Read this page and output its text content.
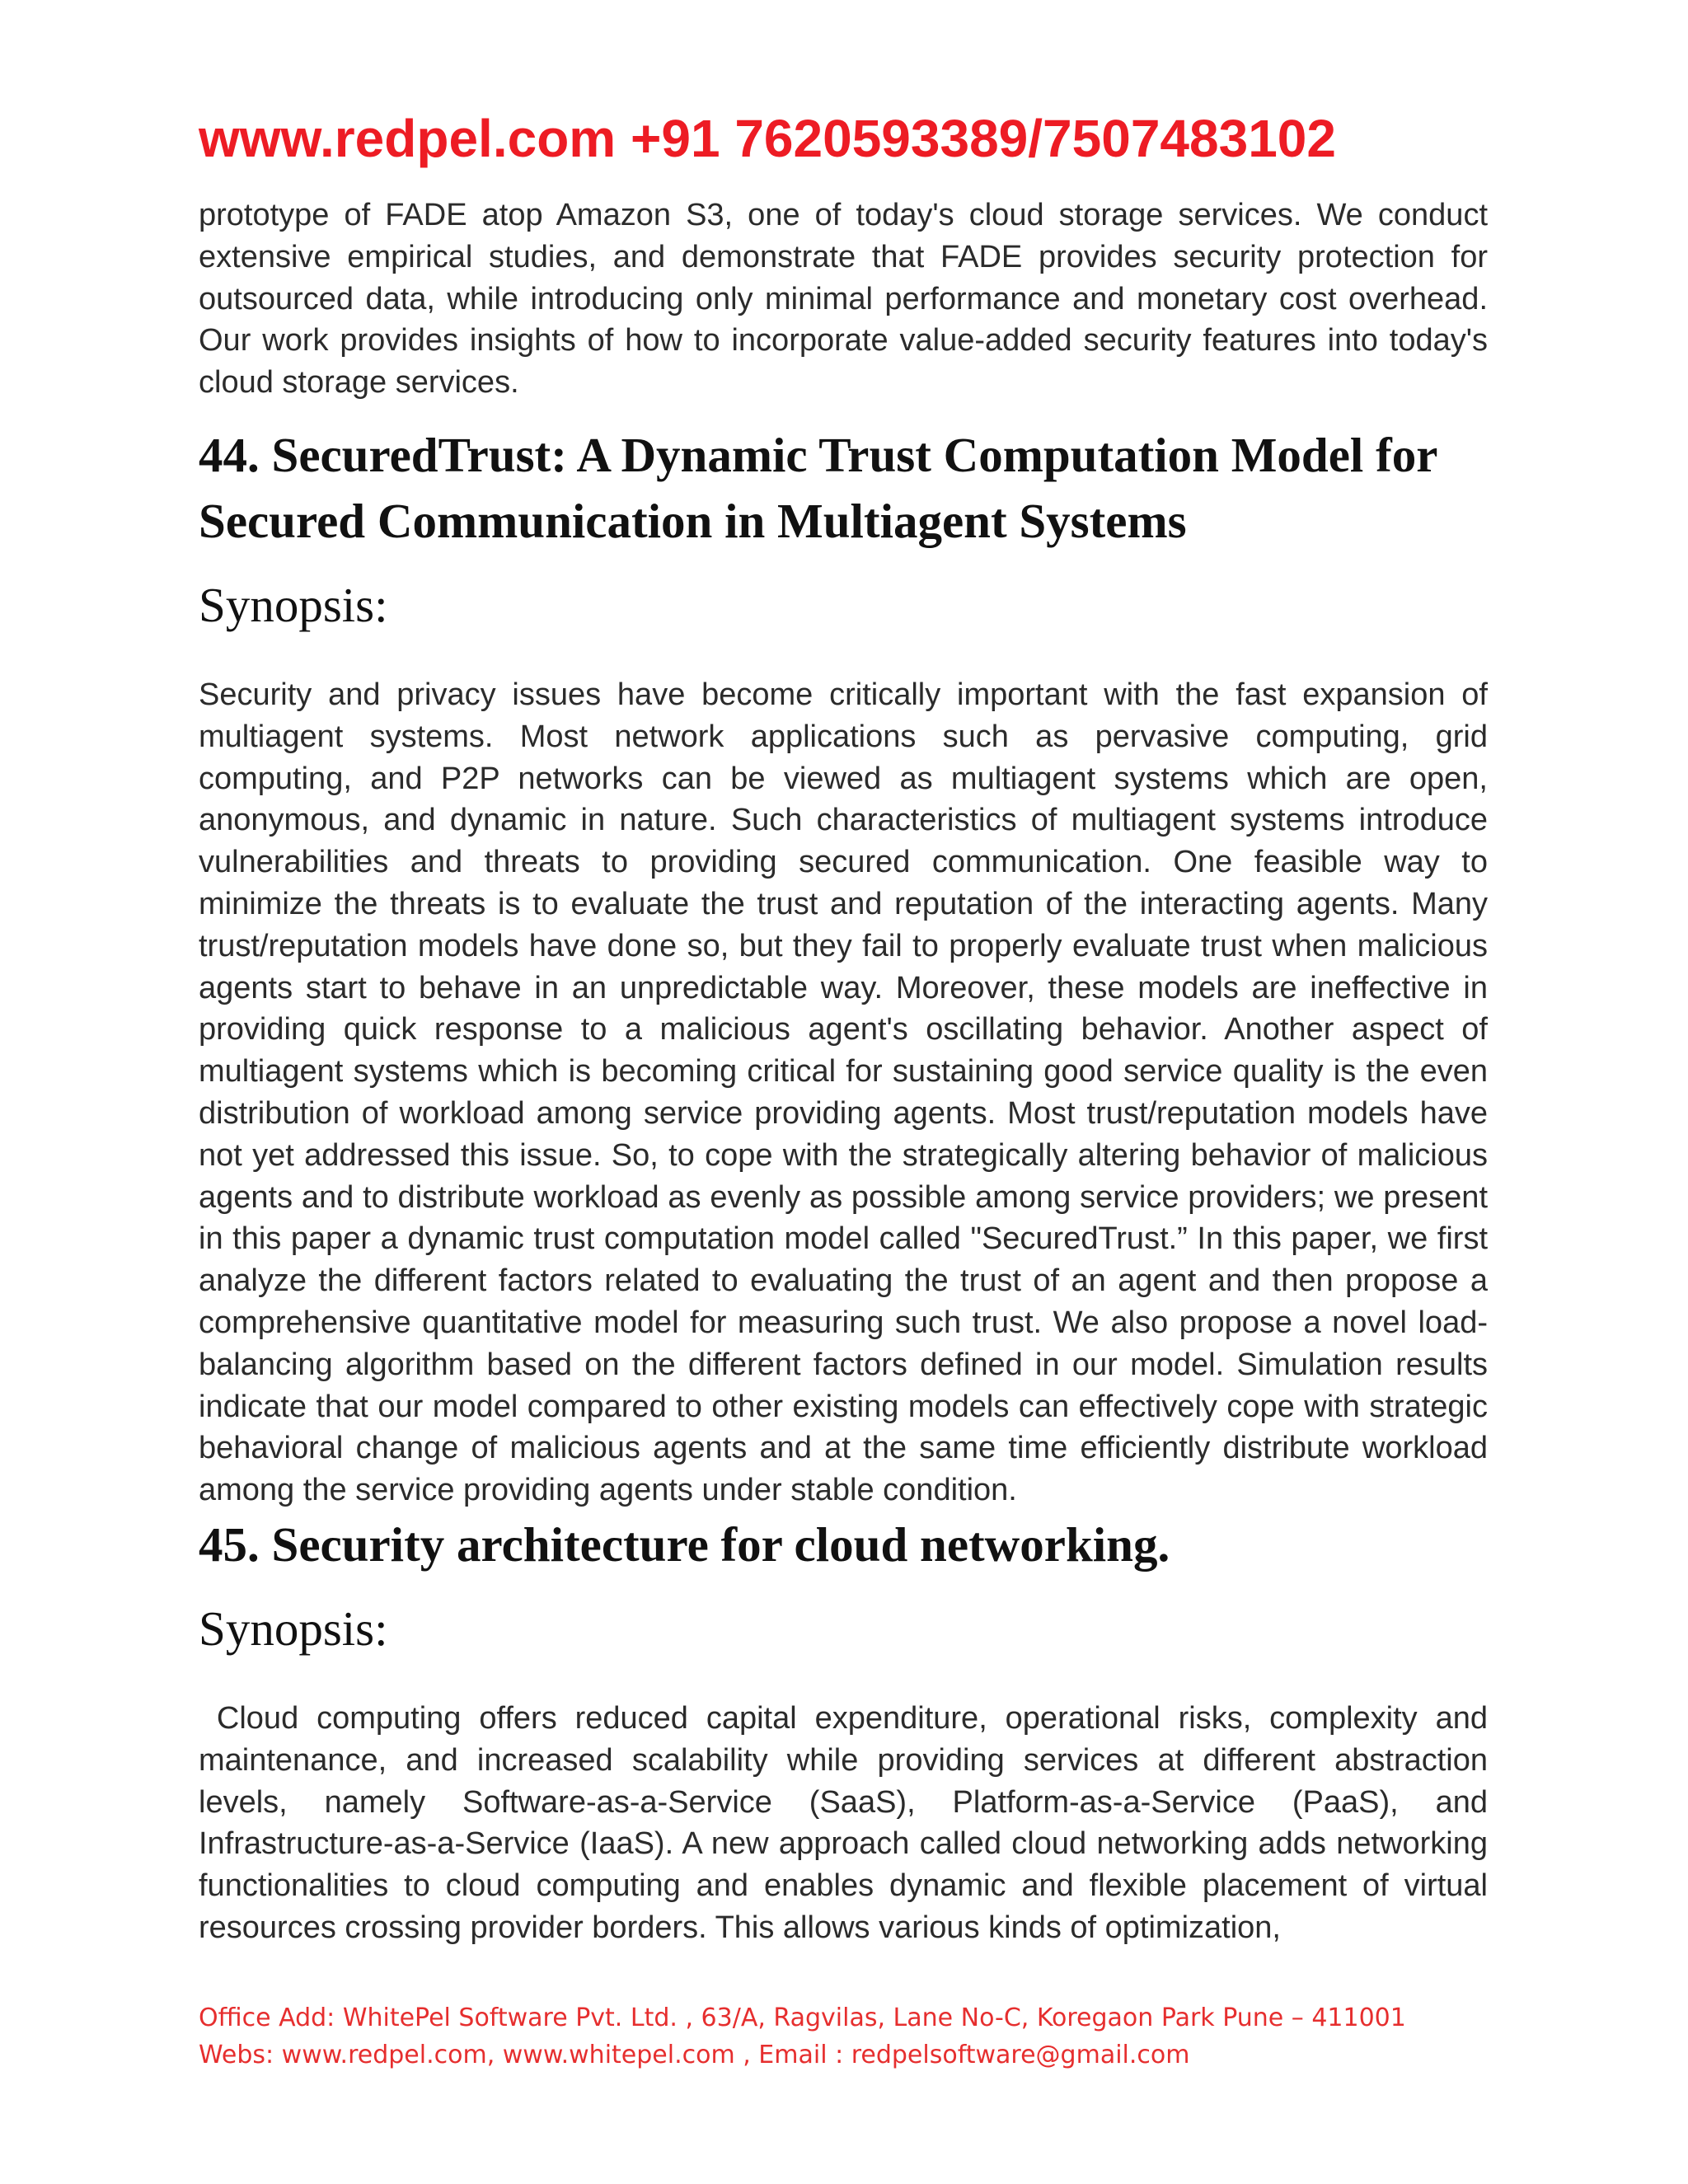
www.redpel.com +91 7620593389/7507483102

prototype of FADE atop Amazon S3, one of today's cloud storage services. We conduct extensive empirical studies, and demonstrate that FADE provides security protection for outsourced data, while introducing only minimal performance and monetary cost overhead. Our work provides insights of how to incorporate value-added security features into today's cloud storage services.

44. SecuredTrust: A Dynamic Trust Computation Model for Secured Communication in Multiagent Systems
Synopsis:

Security and privacy issues have become critically important with the fast expansion of multiagent systems. Most network applications such as pervasive computing, grid computing, and P2P networks can be viewed as multiagent systems which are open, anonymous, and dynamic in nature. Such characteristics of multiagent systems introduce vulnerabilities and threats to providing secured communication. One feasible way to minimize the threats is to evaluate the trust and reputation of the interacting agents. Many trust/reputation models have done so, but they fail to properly evaluate trust when malicious agents start to behave in an unpredictable way. Moreover, these models are ineffective in providing quick response to a malicious agent's oscillating behavior. Another aspect of multiagent systems which is becoming critical for sustaining good service quality is the even distribution of workload among service providing agents. Most trust/reputation models have not yet addressed this issue. So, to cope with the strategically altering behavior of malicious agents and to distribute workload as evenly as possible among service providers; we present in this paper a dynamic trust computation model called "SecuredTrust.” In this paper, we first analyze the different factors related to evaluating the trust of an agent and then propose a comprehensive quantitative model for measuring such trust. We also propose a novel load-balancing algorithm based on the different factors defined in our model. Simulation results indicate that our model compared to other existing models can effectively cope with strategic behavioral change of malicious agents and at the same time efficiently distribute workload among the service providing agents under stable condition.

45. Security architecture for cloud networking.
Synopsis:

Cloud computing offers reduced capital expenditure, operational risks, complexity and maintenance, and increased scalability while providing services at different abstraction levels, namely Software-as-a-Service (SaaS), Platform-as-a-Service (PaaS), and Infrastructure-as-a-Service (IaaS). A new approach called cloud networking adds networking functionalities to cloud computing and enables dynamic and flexible placement of virtual resources crossing provider borders. This allows various kinds of optimization,

Office Add: WhitePel Software Pvt. Ltd. , 63/A, Ragvilas, Lane No-C, Koregaon Park Pune – 411001
Webs: www.redpel.com, www.whitepel.com , Email : redpelsoftware@gmail.com
